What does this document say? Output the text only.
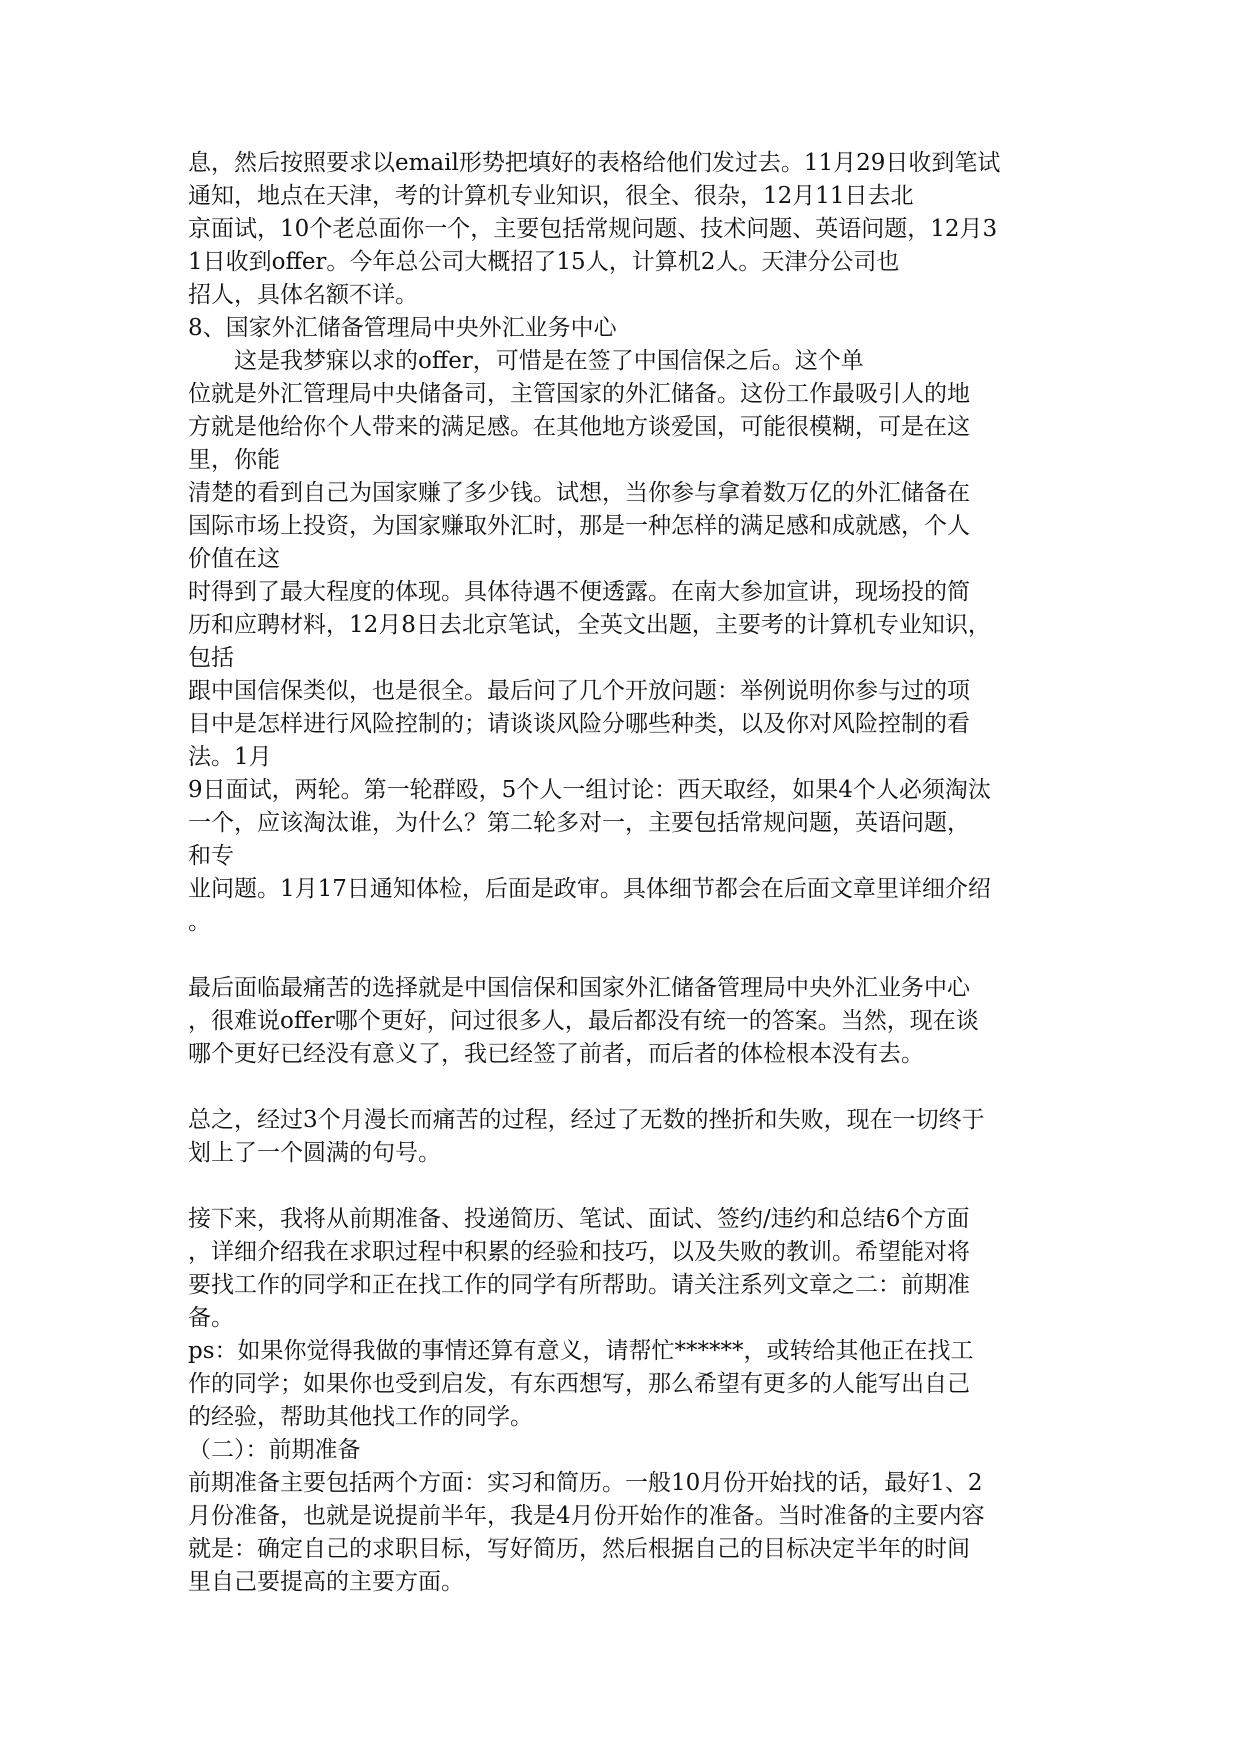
息，然后按照要求以email形势把填好的表格给他们发过去。11月29日收到笔试
通知，地点在天津，考的计算机专业知识，很全、很杂，12月11日去北
京面试，10个老总面你一个，主要包括常规问题、技术问题、英语问题，12月3
1日收到offer。今年总公司大概招了15人，计算机2人。天津分公司也
招人，具体名额不详。
8、国家外汇储备管理局中央外汇业务中心
这是我梦寐以求的offer，可惜是在签了中国信保之后。这个单
位就是外汇管理局中央储备司，主管国家的外汇储备。这份工作最吸引人的地
方就是他给你个人带来的满足感。在其他地方谈爱国，可能很模糊，可是在这
里，你能
清楚的看到自己为国家赚了多少钱。试想，当你参与拿着数万亿的外汇储备在
国际市场上投资，为国家赚取外汇时，那是一种怎样的满足感和成就感，个人
价值在这
时得到了最大程度的体现。具体待遇不便透露。在南大参加宣讲，现场投的简
历和应聘材料，12月8日去北京笔试，全英文出题，主要考的计算机专业知识，
包括
跟中国信保类似，也是很全。最后问了几个开放问题：举例说明你参与过的项
目中是怎样进行风险控制的；请谈谈风险分哪些种类，以及你对风险控制的看
法。1月
9日面试，两轮。第一轮群殴，5个人一组讨论：西天取经，如果4个人必须淘汰
一个，应该淘汰谁，为什么？第二轮多对一，主要包括常规问题，英语问题，
和专
业问题。1月17日通知体检，后面是政审。具体细节都会在后面文章里详细介绍
。
最后面临最痛苦的选择就是中国信保和国家外汇储备管理局中央外汇业务中心
，很难说offer哪个更好，问过很多人，最后都没有统一的答案。当然，现在谈
哪个更好已经没有意义了，我已经签了前者，而后者的体检根本没有去。
总之，经过3个月漫长而痛苦的过程，经过了无数的挫折和失败，现在一切终于
划上了一个圆满的句号。
接下来，我将从前期准备、投递简历、笔试、面试、签约/违约和总结6个方面
，详细介绍我在求职过程中积累的经验和技巧，以及失败的教训。希望能对将
要找工作的同学和正在找工作的同学有所帮助。请关注系列文章之二：前期准
备。
ps：如果你觉得我做的事情还算有意义，请帮忙******，或转给其他正在找工
作的同学；如果你也受到启发，有东西想写，那么希望有更多的人能写出自己
的经验，帮助其他找工作的同学。
（二）：前期准备
前期准备主要包括两个方面：实习和简历。一般10月份开始找的话，最好1、2
月份准备，也就是说提前半年，我是4月份开始作的准备。当时准备的主要内容
就是：确定自己的求职目标，写好简历，然后根据自己的目标决定半年的时间
里自己要提高的主要方面。
